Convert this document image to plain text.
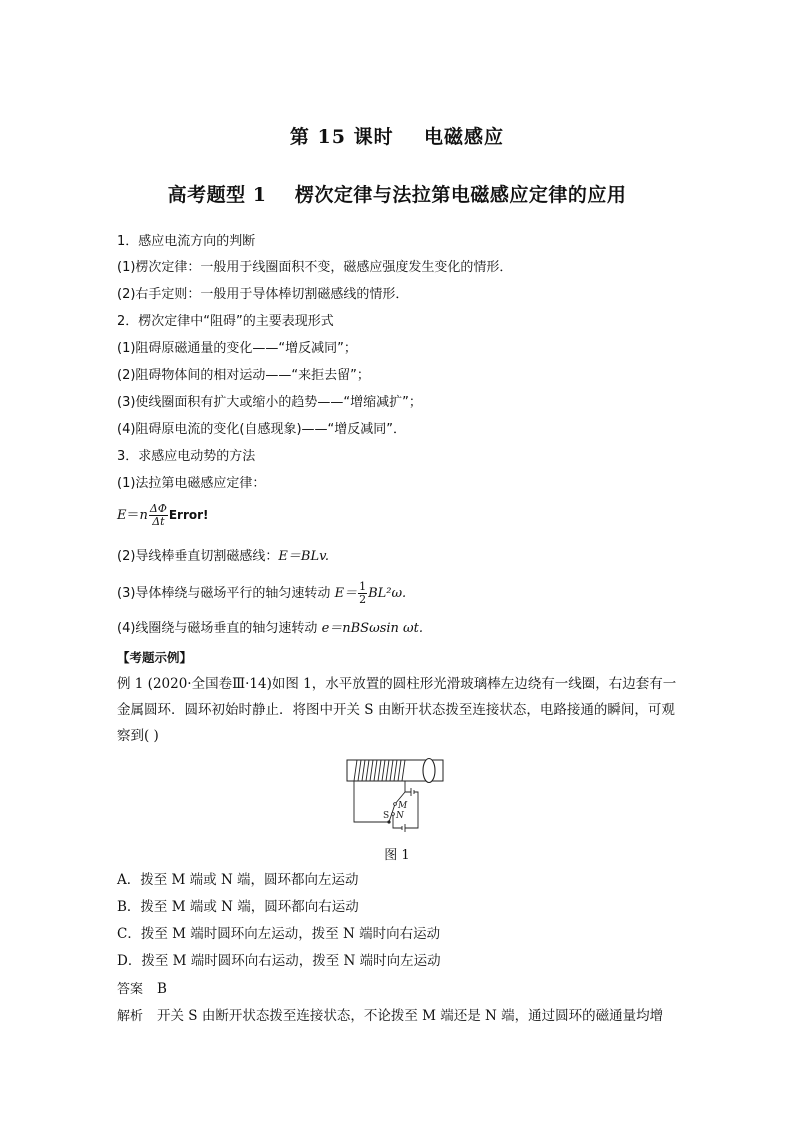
第 15 课时    电磁感应
高考题型 1    楞次定律与法拉第电磁感应定律的应用
1．感应电流方向的判断
(1)楞次定律：一般用于线圈面积不变，磁感应强度发生变化的情形．
(2)右手定则：一般用于导体棒切割磁感线的情形．
2．楞次定律中“阻碍”的主要表现形式
(1)阻碍原磁通量的变化——“增反减同”；
(2)阻碍物体间的相对运动——“来拒去留”；
(3)使线圈面积有扩大或缩小的趋势——“增缩减扩”；
(4)阻碍原电流的变化(自感现象)——“增反减同”．
3．求感应电动势的方法
(1)法拉第电磁感应定律：
$E=n \frac{\Delta\Phi}{\Delta t}$ Error!
(2)导线棒垂直切割磁感线：E＝BLv.
(3)导体棒绕与磁场平行的轴匀速转动 $E= \frac{1}{2} BL^2\omega$.
(4)线圈绕与磁场垂直的轴匀速转动 e＝nBSωsin ωt.
【考题示例】
例 1 (2020·全国卷Ⅲ·14)如图 1，水平放置的圆柱形光滑玻璃棒左边绕有一线圈，右边套有一金属圆环．圆环初始时静止．将图中开关 S 由断开状态拨至连接状态，电路接通的瞬间，可观察到( )
M
N
S
图 1
A．拨至 M 端或 N 端，圆环都向左运动
B．拨至 M 端或 N 端，圆环都向右运动
C．拨至 M 端时圆环向左运动，拨至 N 端时向右运动
D．拨至 M 端时圆环向右运动，拨至 N 端时向左运动
答案 B
解析 开关 S 由断开状态拨至连接状态，不论拨至 M 端还是 N 端，通过圆环的磁通量均增
